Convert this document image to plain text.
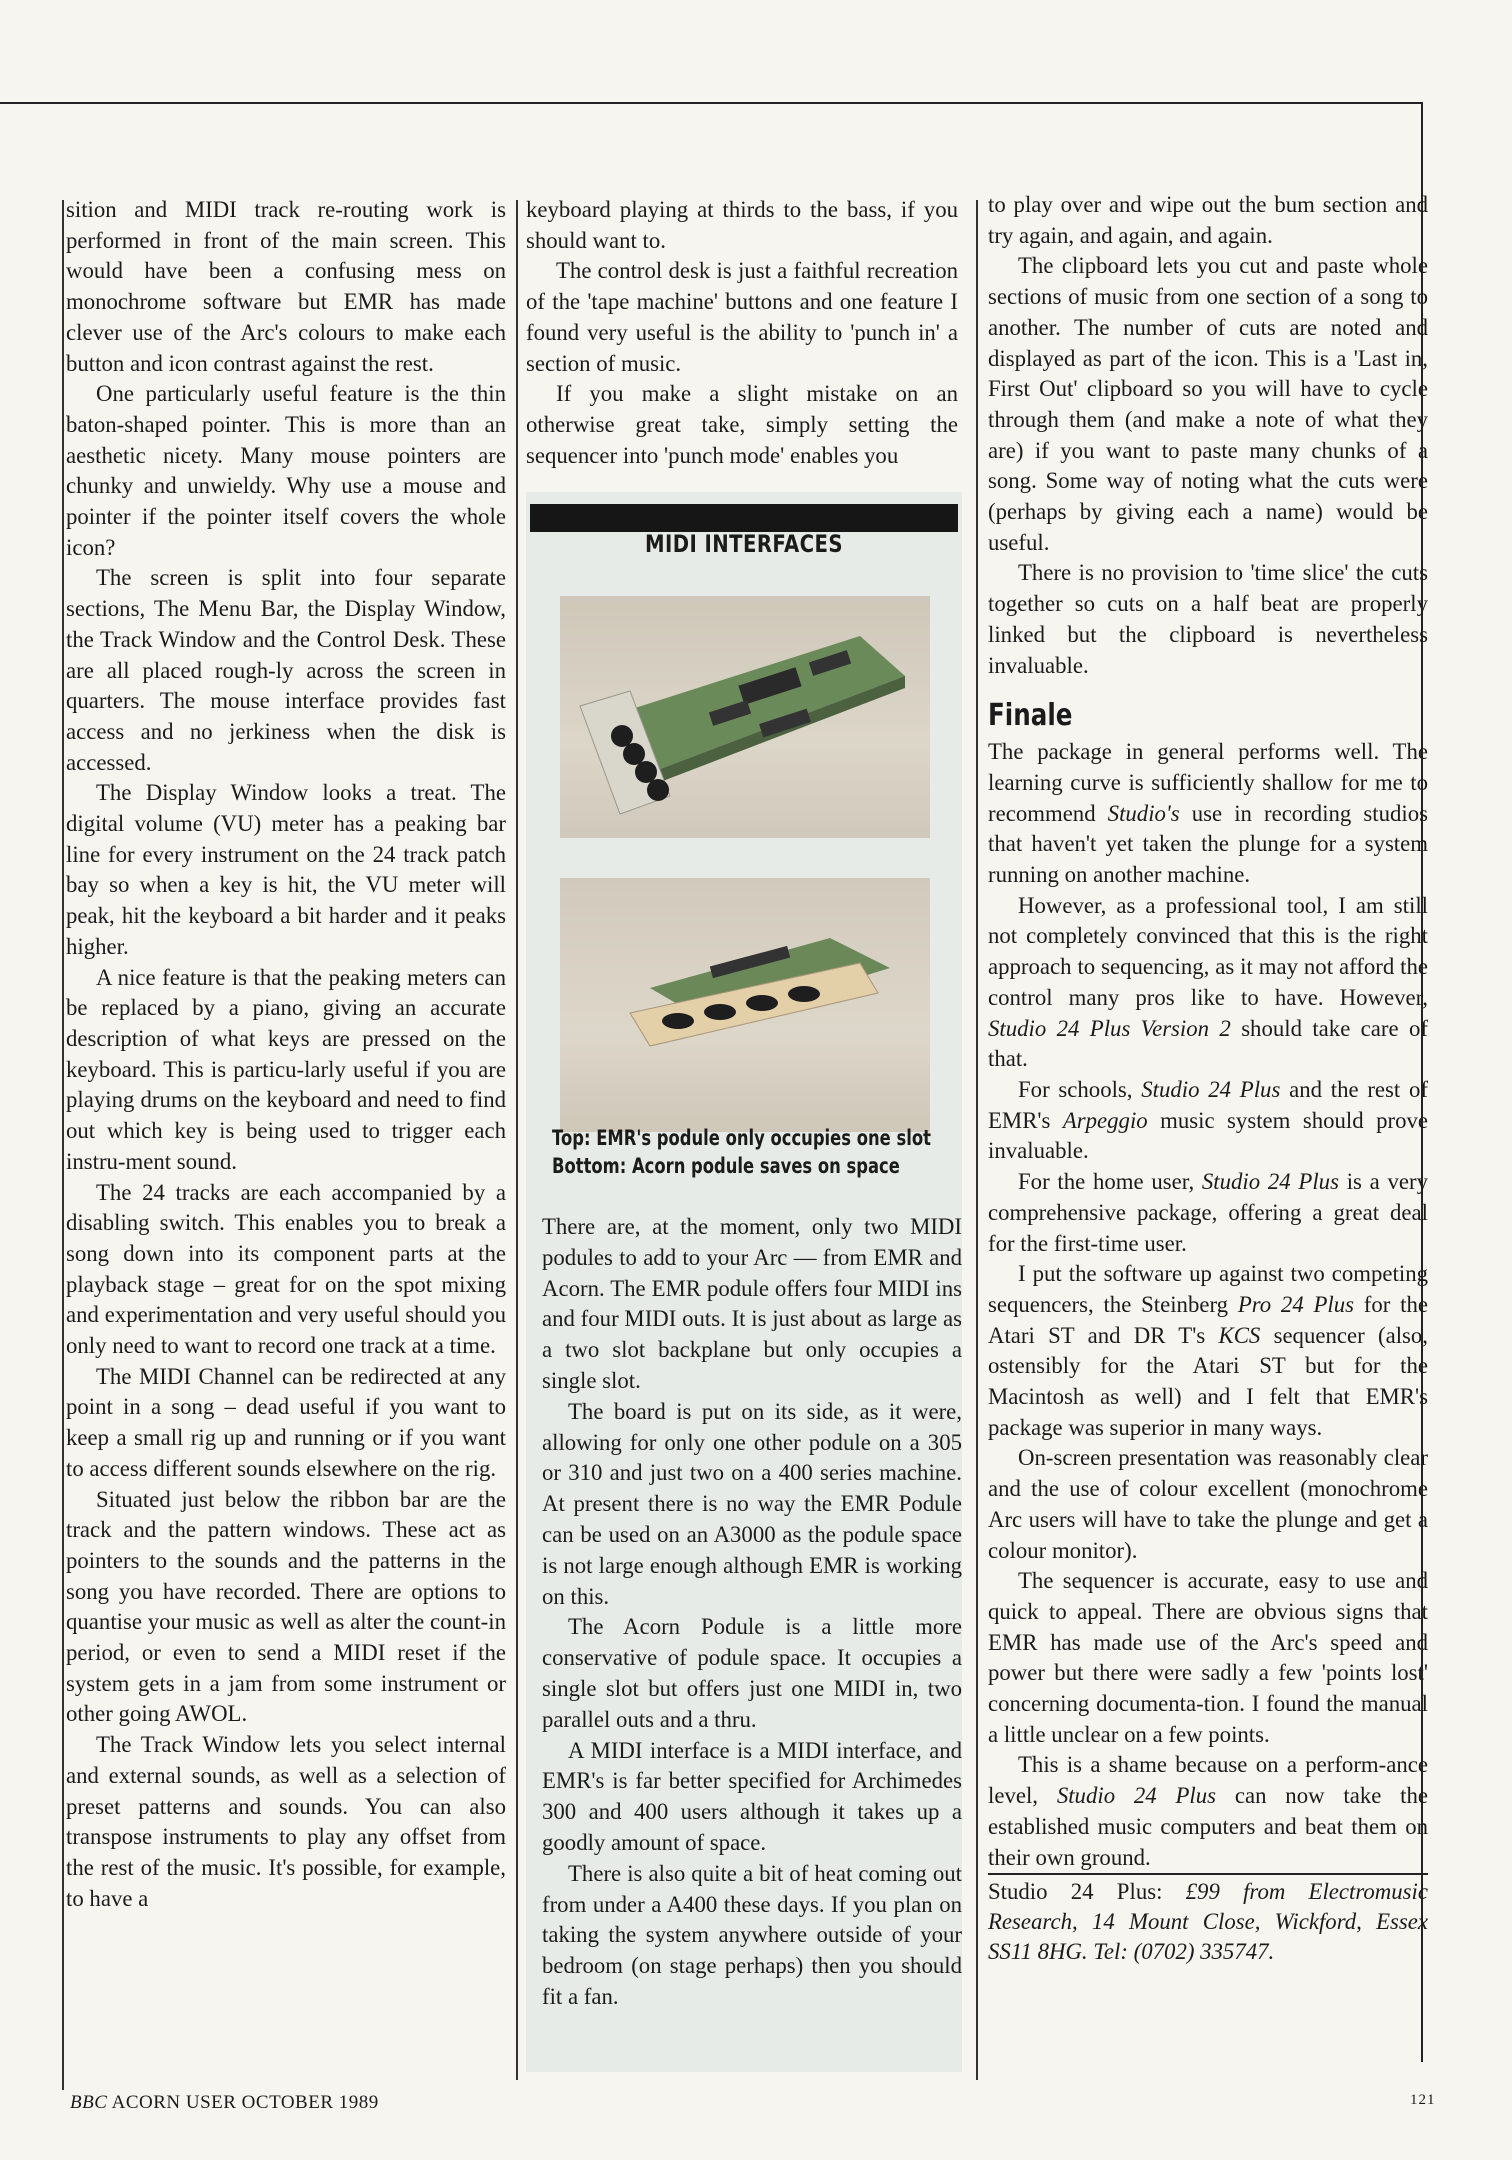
sition and MIDI track re-routing work is performed in front of the main screen. This would have been a confusing mess on monochrome software but EMR has made clever use of the Arc's colours to make each button and icon contrast against the rest.

One particularly useful feature is the thin baton-shaped pointer. This is more than an aesthetic nicety. Many mouse pointers are chunky and unwieldy. Why use a mouse and pointer if the pointer itself covers the whole icon?

The screen is split into four separate sections, The Menu Bar, the Display Window, the Track Window and the Control Desk. These are all placed rough-ly across the screen in quarters. The mouse interface provides fast access and no jerkiness when the disk is accessed.

The Display Window looks a treat. The digital volume (VU) meter has a peaking bar line for every instrument on the 24 track patch bay so when a key is hit, the VU meter will peak, hit the keyboard a bit harder and it peaks higher.

A nice feature is that the peaking meters can be replaced by a piano, giving an accurate description of what keys are pressed on the keyboard. This is particu-larly useful if you are playing drums on the keyboard and need to find out which key is being used to trigger each instru-ment sound.

The 24 tracks are each accompanied by a disabling switch. This enables you to break a song down into its component parts at the playback stage – great for on the spot mixing and experimentation and very useful should you only need to want to record one track at a time.

The MIDI Channel can be redirected at any point in a song – dead useful if you want to keep a small rig up and running or if you want to access different sounds elsewhere on the rig.

Situated just below the ribbon bar are the track and the pattern windows. These act as pointers to the sounds and the patterns in the song you have recorded. There are options to quantise your music as well as alter the count-in period, or even to send a MIDI reset if the system gets in a jam from some instrument or other going AWOL.

The Track Window lets you select internal and external sounds, as well as a selection of preset patterns and sounds. You can also transpose instruments to play any offset from the rest of the music. It's possible, for example, to have a

keyboard playing at thirds to the bass, if you should want to.

The control desk is just a faithful recreation of the 'tape machine' buttons and one feature I found very useful is the ability to 'punch in' a section of music.

If you make a slight mistake on an otherwise great take, simply setting the sequencer into 'punch mode' enables you

MIDI INTERFACES
Top: EMR's podule only occupies one slot
Bottom: Acorn podule saves on space

There are, at the moment, only two MIDI podules to add to your Arc — from EMR and Acorn. The EMR podule offers four MIDI ins and four MIDI outs. It is just about as large as a two slot backplane but only occupies a single slot.

The board is put on its side, as it were, allowing for only one other podule on a 305 or 310 and just two on a 400 series machine. At present there is no way the EMR Podule can be used on an A3000 as the podule space is not large enough although EMR is working on this.

The Acorn Podule is a little more conservative of podule space. It occupies a single slot but offers just one MIDI in, two parallel outs and a thru.

A MIDI interface is a MIDI interface, and EMR's is far better specified for Archimedes 300 and 400 users although it takes up a goodly amount of space.

There is also quite a bit of heat coming out from under a A400 these days. If you plan on taking the system anywhere outside of your bedroom (on stage perhaps) then you should fit a fan.

to play over and wipe out the bum section and try again, and again, and again.

The clipboard lets you cut and paste whole sections of music from one section of a song to another. The number of cuts are noted and displayed as part of the icon. This is a 'Last in, First Out' clipboard so you will have to cycle through them (and make a note of what they are) if you want to paste many chunks of a song. Some way of noting what the cuts were (perhaps by giving each a name) would be useful.

There is no provision to 'time slice' the cuts together so cuts on a half beat are properly linked but the clipboard is nevertheless invaluable.

Finale

The package in general performs well. The learning curve is sufficiently shallow for me to recommend Studio's use in recording studios that haven't yet taken the plunge for a system running on another machine.

However, as a professional tool, I am still not completely convinced that this is the right approach to sequencing, as it may not afford the control many pros like to have. However, Studio 24 Plus Version 2 should take care of that.

For schools, Studio 24 Plus and the rest of EMR's Arpeggio music system should prove invaluable.

For the home user, Studio 24 Plus is a very comprehensive package, offering a great deal for the first-time user.

I put the software up against two competing sequencers, the Steinberg Pro 24 Plus for the Atari ST and DR T's KCS sequencer (also, ostensibly for the Atari ST but for the Macintosh as well) and I felt that EMR's package was superior in many ways.

On-screen presentation was reasonably clear and the use of colour excellent (monochrome Arc users will have to take the plunge and get a colour monitor).

The sequencer is accurate, easy to use and quick to appeal. There are obvious signs that EMR has made use of the Arc's speed and power but there were sadly a few 'points lost' concerning documenta-tion. I found the manual a little unclear on a few points.

This is a shame because on a perform-ance level, Studio 24 Plus can now take the established music computers and beat them on their own ground.

Studio 24 Plus: £99 from Electromusic Research, 14 Mount Close, Wickford, Essex SS11 8HG. Tel: (0702) 335747.

BBC ACORN USER OCTOBER 1989	121
